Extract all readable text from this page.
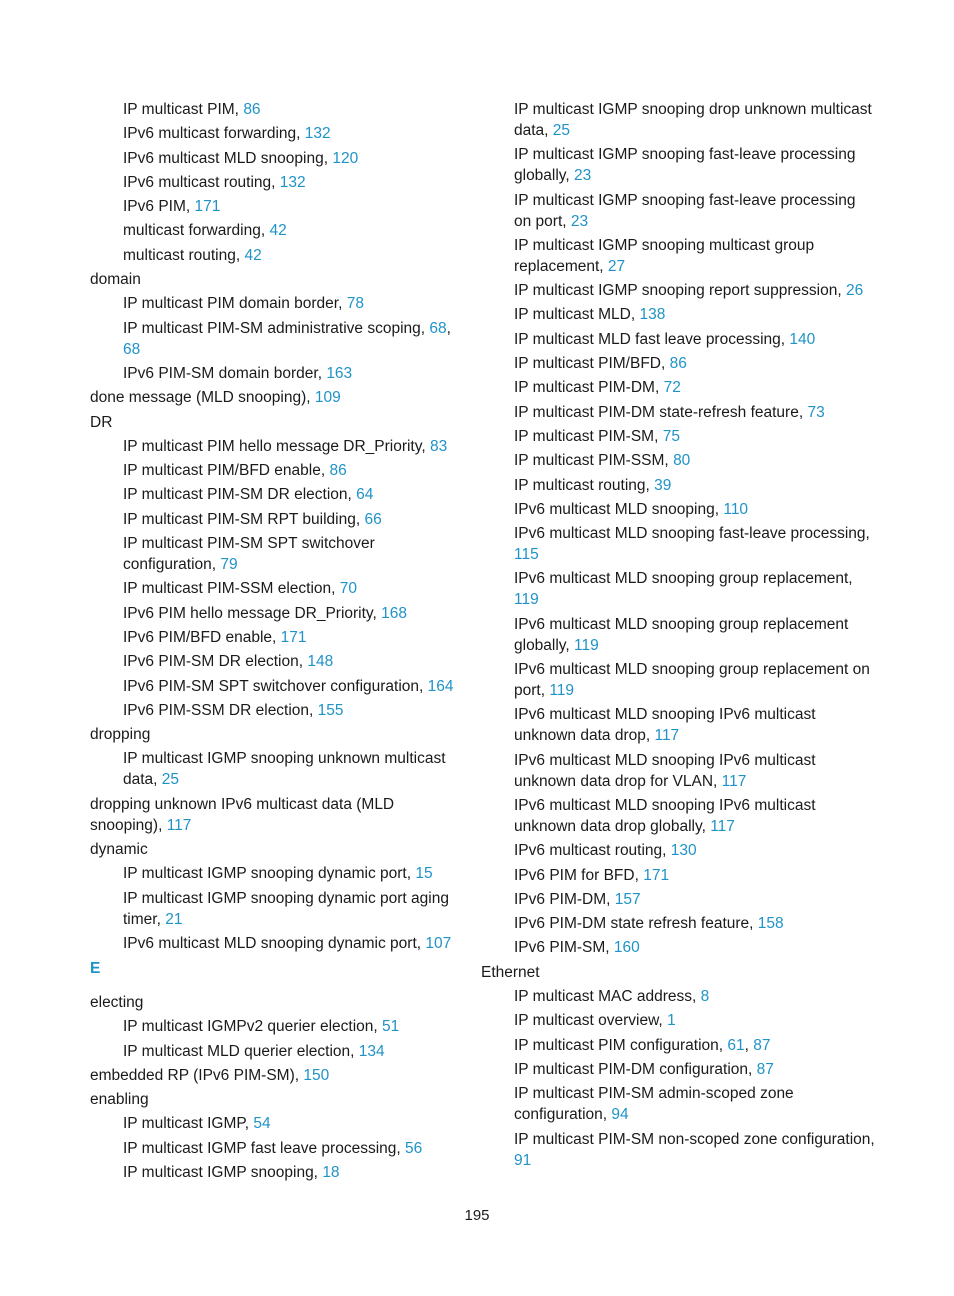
IP multicast PIM, 86
IPv6 multicast forwarding, 132
IPv6 multicast MLD snooping, 120
IPv6 multicast routing, 132
IPv6 PIM, 171
multicast forwarding, 42
multicast routing, 42
domain
IP multicast PIM domain border, 78
IP multicast PIM-SM administrative scoping, 68, 68
IPv6 PIM-SM domain border, 163
done message (MLD snooping), 109
DR
IP multicast PIM hello message DR_Priority, 83
IP multicast PIM/BFD enable, 86
IP multicast PIM-SM DR election, 64
IP multicast PIM-SM RPT building, 66
IP multicast PIM-SM SPT switchover configuration, 79
IP multicast PIM-SSM election, 70
IPv6 PIM hello message DR_Priority, 168
IPv6 PIM/BFD enable, 171
IPv6 PIM-SM DR election, 148
IPv6 PIM-SM SPT switchover configuration, 164
IPv6 PIM-SSM DR election, 155
dropping
IP multicast IGMP snooping unknown multicast data, 25
dropping unknown IPv6 multicast data (MLD snooping), 117
dynamic
IP multicast IGMP snooping dynamic port, 15
IP multicast IGMP snooping dynamic port aging timer, 21
IPv6 multicast MLD snooping dynamic port, 107
E
electing
IP multicast IGMPv2 querier election, 51
IP multicast MLD querier election, 134
embedded RP (IPv6 PIM-SM), 150
enabling
IP multicast IGMP, 54
IP multicast IGMP fast leave processing, 56
IP multicast IGMP snooping, 18
IP multicast IGMP snooping drop unknown multicast data, 25
IP multicast IGMP snooping fast-leave processing globally, 23
IP multicast IGMP snooping fast-leave processing on port, 23
IP multicast IGMP snooping multicast group replacement, 27
IP multicast IGMP snooping report suppression, 26
IP multicast MLD, 138
IP multicast MLD fast leave processing, 140
IP multicast PIM/BFD, 86
IP multicast PIM-DM, 72
IP multicast PIM-DM state-refresh feature, 73
IP multicast PIM-SM, 75
IP multicast PIM-SSM, 80
IP multicast routing, 39
IPv6 multicast MLD snooping, 110
IPv6 multicast MLD snooping fast-leave processing, 115
IPv6 multicast MLD snooping group replacement, 119
IPv6 multicast MLD snooping group replacement globally, 119
IPv6 multicast MLD snooping group replacement on port, 119
IPv6 multicast MLD snooping IPv6 multicast unknown data drop, 117
IPv6 multicast MLD snooping IPv6 multicast unknown data drop for VLAN, 117
IPv6 multicast MLD snooping IPv6 multicast unknown data drop globally, 117
IPv6 multicast routing, 130
IPv6 PIM for BFD, 171
IPv6 PIM-DM, 157
IPv6 PIM-DM state refresh feature, 158
IPv6 PIM-SM, 160
Ethernet
IP multicast MAC address, 8
IP multicast overview, 1
IP multicast PIM configuration, 61, 87
IP multicast PIM-DM configuration, 87
IP multicast PIM-SM admin-scoped zone configuration, 94
IP multicast PIM-SM non-scoped zone configuration, 91
195
